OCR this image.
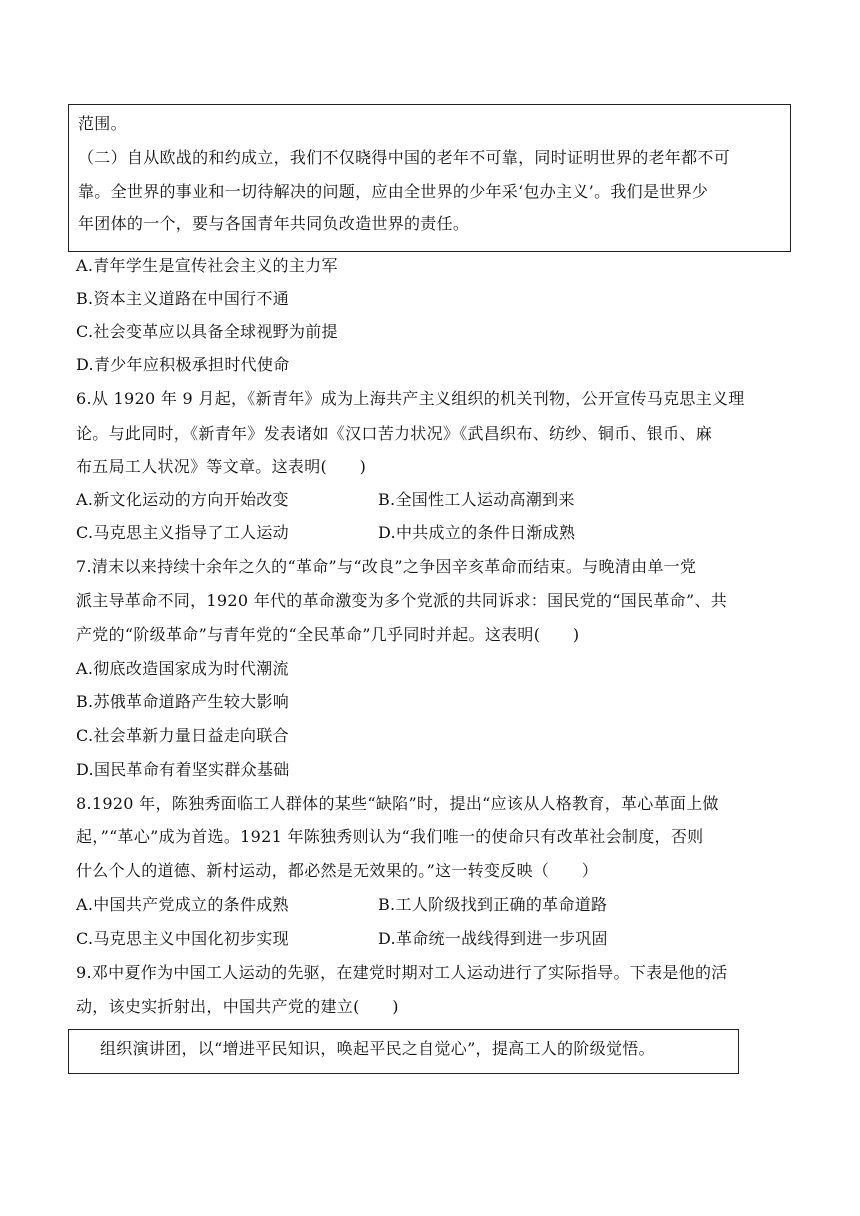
范围。
（二）自从欧战的和约成立，我们不仅晓得中国的老年不可靠，同时证明世界的老年都不可
靠。全世界的事业和一切待解决的问题，应由全世界的少年采‘包办主义’。我们是世界少
年团体的一个，要与各国青年共同负改造世界的责任。
A.青年学生是宣传社会主义的主力军
B.资本主义道路在中国行不通
C.社会变革应以具备全球视野为前提
D.青少年应积极承担时代使命
6.从 1920 年 9 月起，《新青年》成为上海共产主义组织的机关刊物，公开宣传马克思主义理
论。与此同时，《新青年》发表诸如《汉口苦力状况》《武昌织布、纺纱、铜币、银币、麻
布五局工人状况》等文章。这表明(　　)
A.新文化运动的方向开始改变	B.全国性工人运动高潮到来
C.马克思主义指导了工人运动	D.中共成立的条件日渐成熟
7.清末以来持续十余年之久的“革命”与“改良”之争因辛亥革命而结束。与晚清由单一党
派主导革命不同，1920 年代的革命激变为多个党派的共同诉求：国民党的“国民革命”、共
产党的“阶级革命”与青年党的“全民革命”几乎同时并起。这表明(　　)
A.彻底改造国家成为时代潮流
B.苏俄革命道路产生较大影响
C.社会革新力量日益走向联合
D.国民革命有着坚实群众基础
8.1920 年，陈独秀面临工人群体的某些“缺陷”时，提出“应该从人格教育，革心革面上做
起，”“革心”成为首选。1921 年陈独秀则认为“我们唯一的使命只有改革社会制度，否则
什么个人的道德、新村运动，都必然是无效果的。”这一转变反映（　　）
A.中国共产党成立的条件成熟	B.工人阶级找到正确的革命道路
C.马克思主义中国化初步实现	D.革命统一战线得到进一步巩固
9.邓中夏作为中国工人运动的先驱，在建党时期对工人运动进行了实际指导。下表是他的活
动，该史实折射出，中国共产党的建立(　　)
组织演讲团，以“增进平民知识，唤起平民之自觉心”，提高工人的阶级觉悟。
